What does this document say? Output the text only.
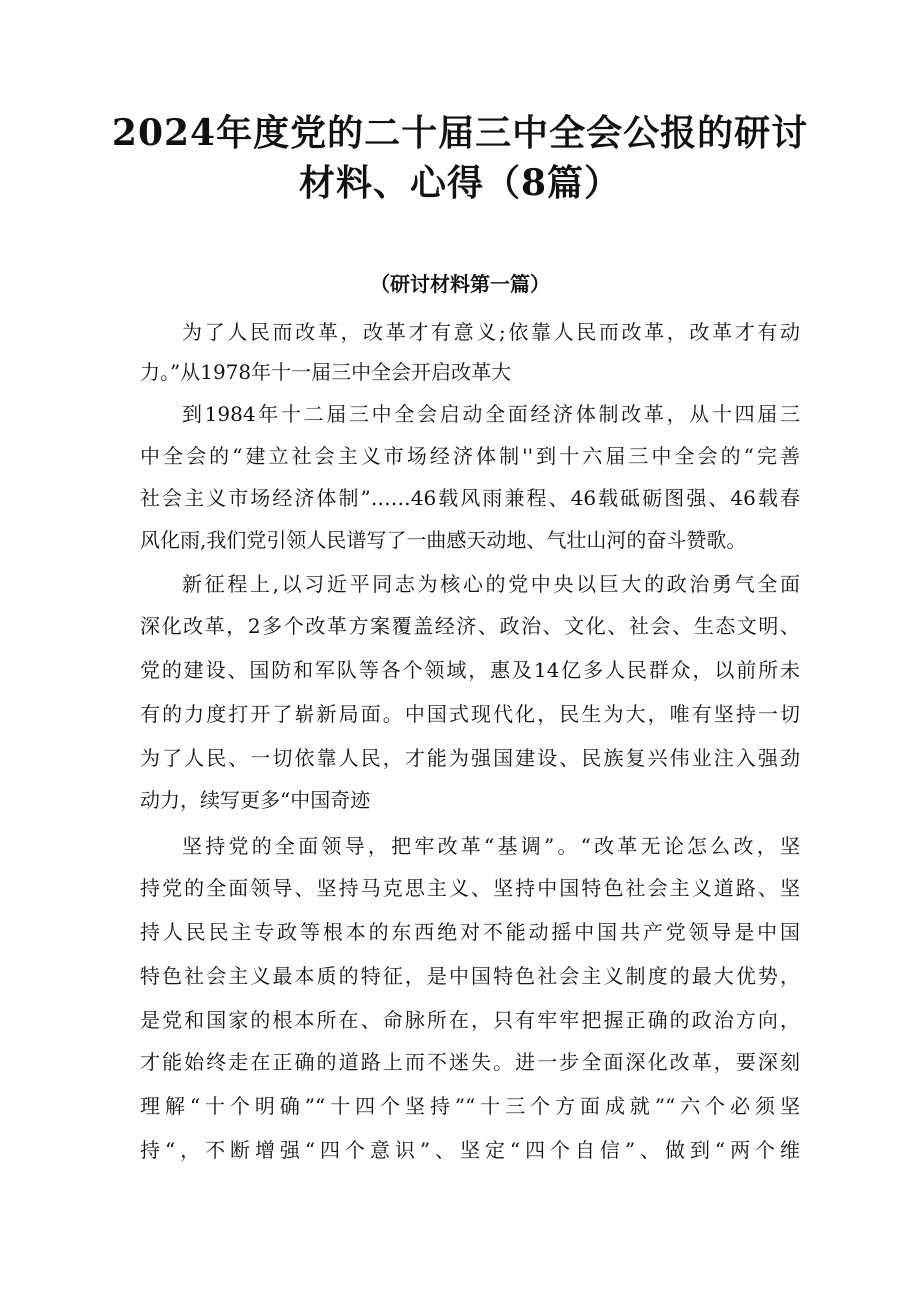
2024年度党的二十届三中全会公报的研讨
材料、心得（8篇）
（研讨材料第一篇）
为了人民而改革，改革才有意义;依靠人民而改革，改革才有动
力。”从1978年十一届三中全会开启改革大
到1984年十二届三中全会启动全面经济体制改革，从十四届三
中全会的“建立社会主义市场经济体制''到十六届三中全会的“完善
社会主义市场经济体制”……46载风雨兼程、46载砥砺图强、46载春
风化雨,我们党引领人民谱写了一曲感天动地、气壮山河的奋斗赞歌。
新征程上,以习近平同志为核心的党中央以巨大的政治勇气全面
深化改革，2多个改革方案覆盖经济、政治、文化、社会、生态文明、
党的建设、国防和军队等各个领域，惠及14亿多人民群众，以前所未
有的力度打开了崭新局面。中国式现代化，民生为大，唯有坚持一切
为了人民、一切依靠人民，才能为强国建设、民族复兴伟业注入强劲
动力，续写更多“中国奇迹
坚持党的全面领导，把牢改革“基调”。“改革无论怎么改，坚
持党的全面领导、坚持马克思主义、坚持中国特色社会主义道路、坚
持人民民主专政等根本的东西绝对不能动摇中国共产党领导是中国
特色社会主义最本质的特征，是中国特色社会主义制度的最大优势，
是党和国家的根本所在、命脉所在，只有牢牢把握正确的政治方向，
才能始终走在正确的道路上而不迷失。进一步全面深化改革，要深刻
理解“十个明确”“十四个坚持”“十三个方面成就”“六个必须坚
持“，不断增强“四个意识”、坚定“四个自信”、做到“两个维
